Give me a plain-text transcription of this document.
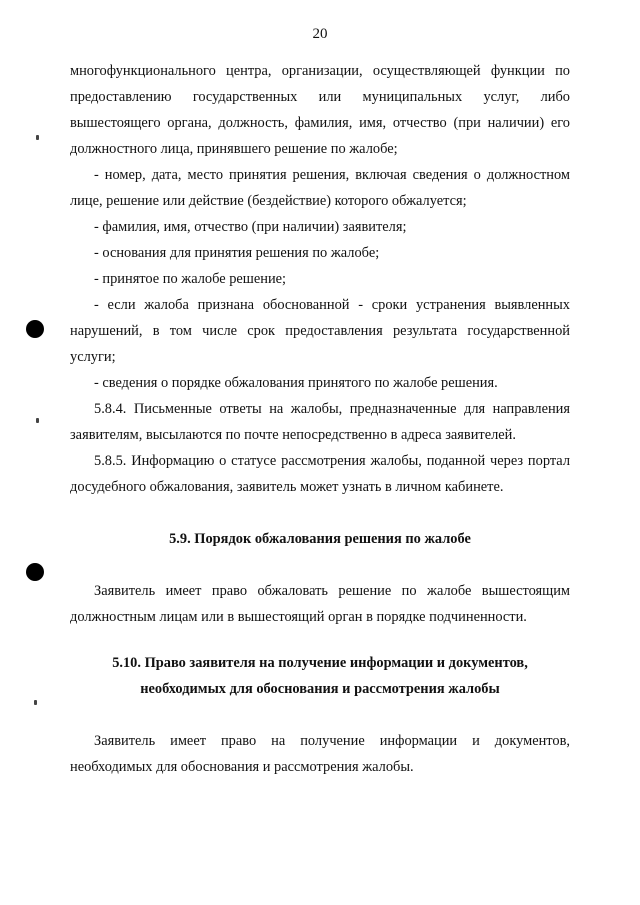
20

многофункционального центра, организации, осуществляющей функции по предоставлению государственных или муниципальных услуг, либо вышестоящего органа, должность, фамилия, имя, отчество (при наличии) его должностного лица, принявшего решение по жалобе;

- номер, дата, место принятия решения, включая сведения о должностном лице, решение или действие (бездействие) которого обжалуется;

- фамилия, имя, отчество (при наличии) заявителя;

- основания для принятия решения по жалобе;

- принятое по жалобе решение;

- если жалоба признана обоснованной - сроки устранения выявленных нарушений, в том числе срок предоставления результата государственной услуги;

- сведения о порядке обжалования принятого по жалобе решения.

5.8.4. Письменные ответы на жалобы, предназначенные для направления заявителям, высылаются по почте непосредственно в адреса заявителей.

5.8.5. Информацию о статусе рассмотрения жалобы, поданной через портал досудебного обжалования, заявитель может узнать в личном кабинете.

5.9. Порядок обжалования решения по жалобе

Заявитель имеет право обжаловать решение по жалобе вышестоящим должностным лицам или в вышестоящий орган в порядке подчиненности.

5.10. Право заявителя на получение информации и документов, необходимых для обоснования и рассмотрения жалобы

Заявитель имеет право на получение информации и документов, необходимых для обоснования и рассмотрения жалобы.
